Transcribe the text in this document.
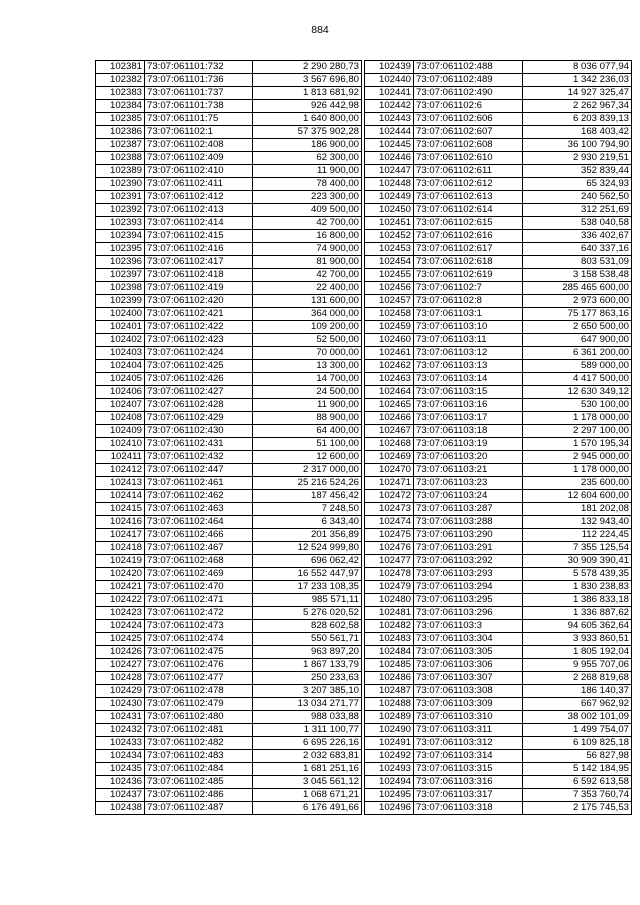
884
102381	73:07:061101:732	2 290 280,73
102382	73:07:061101:736	3 567 696,80
102383	73:07:061101:737	1 813 681,92
102384	73:07:061101:738	926 442,98
102385	73:07:061101:75	1 640 800,00
102386	73:07:061102:1	57 375 902,28
102387	73:07:061102:408	186 900,00
102388	73:07:061102:409	62 300,00
102389	73:07:061102:410	11 900,00
102390	73:07:061102:411	78 400,00
102391	73:07:061102:412	223 300,00
102392	73:07:061102:413	409 500,00
102393	73:07:061102:414	42 700,00
102394	73:07:061102:415	16 800,00
102395	73:07:061102:416	74 900,00
102396	73:07:061102:417	81 900,00
102397	73:07:061102:418	42 700,00
102398	73:07:061102:419	22 400,00
102399	73:07:061102:420	131 600,00
102400	73:07:061102:421	364 000,00
102401	73:07:061102:422	109 200,00
102402	73:07:061102:423	52 500,00
102403	73:07:061102:424	70 000,00
102404	73:07:061102:425	13 300,00
102405	73:07:061102:426	14 700,00
102406	73:07:061102:427	24 500,00
102407	73:07:061102:428	11 900,00
102408	73:07:061102:429	88 900,00
102409	73:07:061102:430	64 400,00
102410	73:07:061102:431	51 100,00
102411	73:07:061102:432	12 600,00
102412	73:07:061102:447	2 317 000,00
102413	73:07:061102:461	25 216 524,26
102414	73:07:061102:462	187 456,42
102415	73:07:061102:463	7 248,50
102416	73:07:061102:464	6 343,40
102417	73:07:061102:466	201 356,89
102418	73:07:061102:467	12 524 999,80
102419	73:07:061102:468	696 062,42
102420	73:07:061102:469	16 552 447,97
102421	73:07:061102:470	17 233 108,35
102422	73:07:061102:471	985 571,11
102423	73:07:061102:472	5 276 020,52
102424	73:07:061102:473	828 602,58
102425	73:07:061102:474	550 561,71
102426	73:07:061102:475	963 897,20
102427	73:07:061102:476	1 867 133,79
102428	73:07:061102:477	250 233,63
102429	73:07:061102:478	3 207 385,10
102430	73:07:061102:479	13 034 271,77
102431	73:07:061102:480	988 033,88
102432	73:07:061102:481	1 311 100,77
102433	73:07:061102:482	6 695 226,16
102434	73:07:061102:483	2 032 683,81
102435	73:07:061102:484	1 681 251,16
102436	73:07:061102:485	3 045 561,12
102437	73:07:061102:486	1 068 671,21
102438	73:07:061102:487	6 176 491,66
102439	73:07:061102:488	8 036 077,94
102440	73:07:061102:489	1 342 236,03
102441	73:07:061102:490	14 927 325,47
102442	73:07:061102:6	2 262 967,34
102443	73:07:061102:606	6 203 839,13
102444	73:07:061102:607	168 403,42
102445	73:07:061102:608	36 100 794,90
102446	73:07:061102:610	2 930 219,51
102447	73:07:061102:611	352 839,44
102448	73:07:061102:612	65 324,93
102449	73:07:061102:613	240 562,50
102450	73:07:061102:614	312 251,69
102451	73:07:061102:615	538 040,58
102452	73:07:061102:616	336 402,67
102453	73:07:061102:617	640 337,16
102454	73:07:061102:618	803 531,09
102455	73:07:061102:619	3 158 538,48
102456	73:07:061102:7	285 465 600,00
102457	73:07:061102:8	2 973 600,00
102458	73:07:061103:1	75 177 863,16
102459	73:07:061103:10	2 650 500,00
102460	73:07:061103:11	647 900,00
102461	73:07:061103:12	6 361 200,00
102462	73:07:061103:13	589 000,00
102463	73:07:061103:14	4 417 500,00
102464	73:07:061103:15	12 630 349,12
102465	73:07:061103:16	530 100,00
102466	73:07:061103:17	1 178 000,00
102467	73:07:061103:18	2 297 100,00
102468	73:07:061103:19	1 570 195,34
102469	73:07:061103:20	2 945 000,00
102470	73:07:061103:21	1 178 000,00
102471	73:07:061103:23	235 600,00
102472	73:07:061103:24	12 604 600,00
102473	73:07:061103:287	181 202,08
102474	73:07:061103:288	132 943,40
102475	73:07:061103:290	112 224,45
102476	73:07:061103:291	7 355 125,54
102477	73:07:061103:292	30 909 390,41
102478	73:07:061103:293	5 578 439,35
102479	73:07:061103:294	1 830 238,83
102480	73:07:061103:295	1 386 833,18
102481	73:07:061103:296	1 336 887,62
102482	73:07:061103:3	94 605 362,64
102483	73:07:061103:304	3 933 860,51
102484	73:07:061103:305	1 805 192,04
102485	73:07:061103:306	9 955 707,06
102486	73:07:061103:307	2 268 819,68
102487	73:07:061103:308	186 140,37
102488	73:07:061103:309	667 962,92
102489	73:07:061103:310	38 002 101,09
102490	73:07:061103:311	1 499 754,07
102491	73:07:061103:312	6 109 825,18
102492	73:07:061103:314	56 827,98
102493	73:07:061103:315	5 142 184,95
102494	73:07:061103:316	6 592 613,58
102495	73:07:061103:317	7 353 760,74
102496	73:07:061103:318	2 175 745,53
